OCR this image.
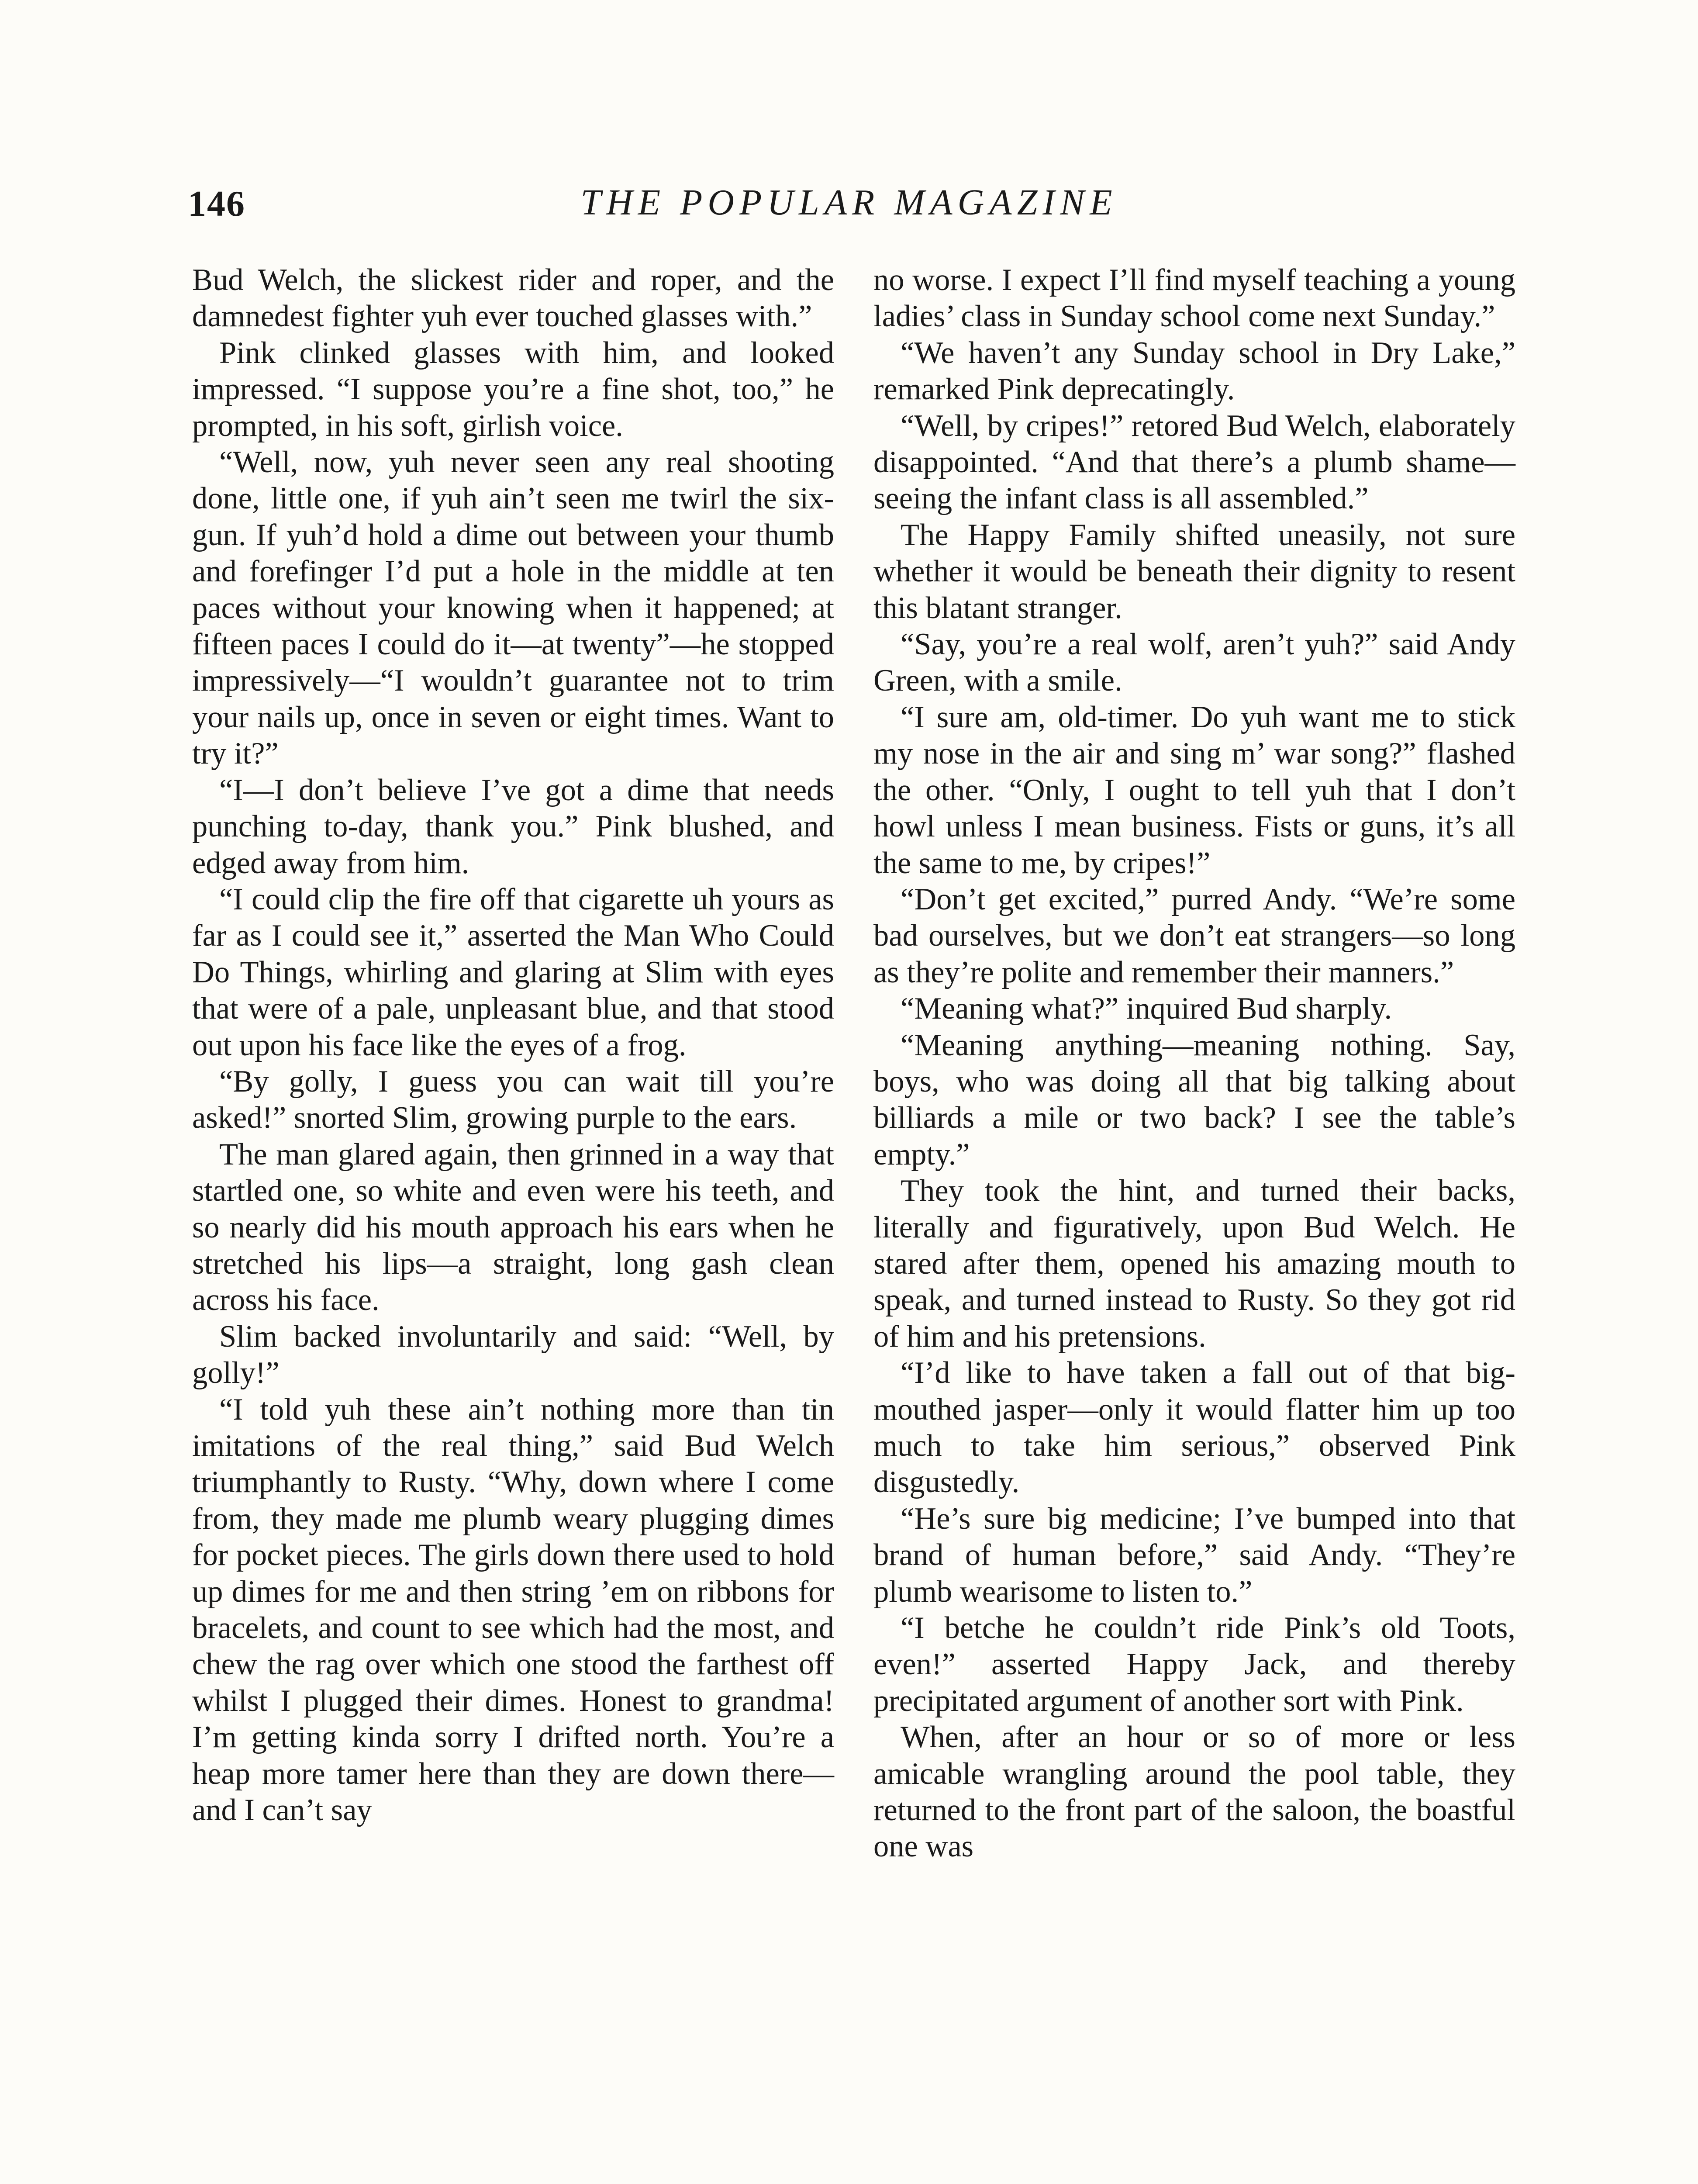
146	THE POPULAR MAGAZINE

Bud Welch, the slickest rider and roper, and the damnedest fighter yuh ever touched glasses with.”

Pink clinked glasses with him, and looked impressed. “I suppose you’re a fine shot, too,” he prompted, in his soft, girlish voice.

“Well, now, yuh never seen any real shooting done, little one, if yuh ain’t seen me twirl the six-gun. If yuh’d hold a dime out between your thumb and forefinger I’d put a hole in the middle at ten paces without your knowing when it happened; at fifteen paces I could do it—at twenty”—he stopped impressively—“I wouldn’t guarantee not to trim your nails up, once in seven or eight times. Want to try it?”

“I—I don’t believe I’ve got a dime that needs punching to-day, thank you.” Pink blushed, and edged away from him.

“I could clip the fire off that cigarette uh yours as far as I could see it,” asserted the Man Who Could Do Things, whirling and glaring at Slim with eyes that were of a pale, unpleasant blue, and that stood out upon his face like the eyes of a frog.

“By golly, I guess you can wait till you’re asked!” snorted Slim, growing purple to the ears.

The man glared again, then grinned in a way that startled one, so white and even were his teeth, and so nearly did his mouth approach his ears when he stretched his lips—a straight, long gash clean across his face.

Slim backed involuntarily and said: “Well, by golly!”

“I told yuh these ain’t nothing more than tin imitations of the real thing,” said Bud Welch triumphantly to Rusty. “Why, down where I come from, they made me plumb weary plugging dimes for pocket pieces. The girls down there used to hold up dimes for me and then string ’em on ribbons for bracelets, and count to see which had the most, and chew the rag over which one stood the farthest off whilst I plugged their dimes. Honest to grandma! I’m getting kinda sorry I drifted north. You’re a heap more tamer here than they are down there—and I can’t say

no worse. I expect I’ll find myself teaching a young ladies’ class in Sunday school come next Sunday.”

“We haven’t any Sunday school in Dry Lake,” remarked Pink deprecatingly.

“Well, by cripes!” retored Bud Welch, elaborately disappointed. “And that there’s a plumb shame—seeing the infant class is all assembled.”

The Happy Family shifted uneasily, not sure whether it would be beneath their dignity to resent this blatant stranger.

“Say, you’re a real wolf, aren’t yuh?” said Andy Green, with a smile.

“I sure am, old-timer. Do yuh want me to stick my nose in the air and sing m’ war song?” flashed the other. “Only, I ought to tell yuh that I don’t howl unless I mean business. Fists or guns, it’s all the same to me, by cripes!”

“Don’t get excited,” purred Andy. “We’re some bad ourselves, but we don’t eat strangers—so long as they’re polite and remember their manners.”

“Meaning what?” inquired Bud sharply.

“Meaning anything—meaning nothing. Say, boys, who was doing all that big talking about billiards a mile or two back? I see the table’s empty.”

They took the hint, and turned their backs, literally and figuratively, upon Bud Welch. He stared after them, opened his amazing mouth to speak, and turned instead to Rusty. So they got rid of him and his pretensions.

“I’d like to have taken a fall out of that big-mouthed jasper—only it would flatter him up too much to take him serious,” observed Pink disgustedly.

“He’s sure big medicine; I’ve bumped into that brand of human before,” said Andy. “They’re plumb wearisome to listen to.”

“I betche he couldn’t ride Pink’s old Toots, even!” asserted Happy Jack, and thereby precipitated argument of another sort with Pink.

When, after an hour or so of more or less amicable wrangling around the pool table, they returned to the front part of the saloon, the boastful one was
